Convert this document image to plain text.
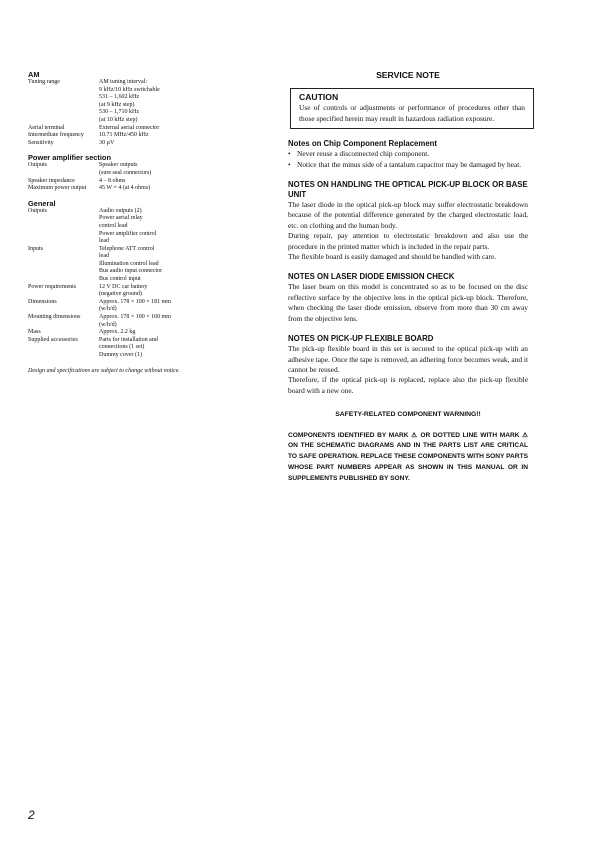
AM

Tuning range	AM tuning interval:
9 kHz/10 kHz switchable
531 – 1,602 kHz
(at 9 kHz step)
530 – 1,710 kHz
(at 10 kHz step)
Aerial terminal	External aerial connector
Intermediate frequency	10.71 MHz/450 kHz
Sensitivity	30 µV

Power amplifier section

Outputs	Speaker outputs
(sure seal connectors)
Speaker impedance	4 – 8 ohms
Maximum power output	45 W × 4 (at 4 ohms)

General

Outputs	Audio outputs (2)
Power aerial relay
control lead
Power amplifier control
lead
Inputs	Telephone ATT control
lead
Illumination control lead
Bus audio input connector
Bus control input
Power requirements	12 V DC car battery
(negative ground)
Dimensions	Approx. 178 × 100 × 181 mm
(w/h/d)
Mounting dimensions	Approx. 178 × 100 × 160 mm
(w/h/d)
Mass	Approx. 2.2 kg
Supplied accessories	Parts for installation and
connections (1 set)
Dummy cover (1)
Design and specifications are subject to change without notice.

SERVICE NOTE

CAUTION

Use of controls or adjustments or performance of procedures other than those specified herein may result in hazardous radiation exposure.

Notes on Chip Component Replacement

• Never reuse a disconnected chip component.
• Notice that the minus side of a tantalum capacitor may be damaged by heat.

NOTES ON HANDLING THE OPTICAL PICK-UP BLOCK OR BASE UNIT

The laser diode in the optical pick-up block may suffer electrostatic breakdown because of the potential difference generated by the charged electrostatic load, etc. on clothing and the human body.

During repair, pay attention to electrostatic breakdown and also use the procedure in the printed matter which is included in the repair parts.

The flexible board is easily damaged and should be handled with care.

NOTES ON LASER DIODE EMISSION CHECK

The laser beam on this model is concentrated so as to be focused on the disc reflective surface by the objective lens in the optical pick-up block. Therefore, when checking the laser diode emission, observe from more than 30 cm away from the objective lens.

NOTES ON PICK-UP FLEXIBLE BOARD

The pick-up flexible board in this set is secured to the optical pick-up with an adhesive tape. Once the tape is removed, an adhering force becomes weak, and it cannot be reused.

Therefore, if the optical pick-up is replaced, replace also the pick-up flexible board with a new one.

SAFETY-RELATED COMPONENT WARNING!!

COMPONENTS IDENTIFIED BY MARK ⚠ OR DOTTED LINE WITH MARK ⚠ ON THE SCHEMATIC DIAGRAMS AND IN THE PARTS LIST ARE CRITICAL TO SAFE OPERATION. REPLACE THESE COMPONENTS WITH SONY PARTS WHOSE PART NUMBERS APPEAR AS SHOWN IN THIS MANUAL OR IN SUPPLEMENTS PUBLISHED BY SONY.

2
